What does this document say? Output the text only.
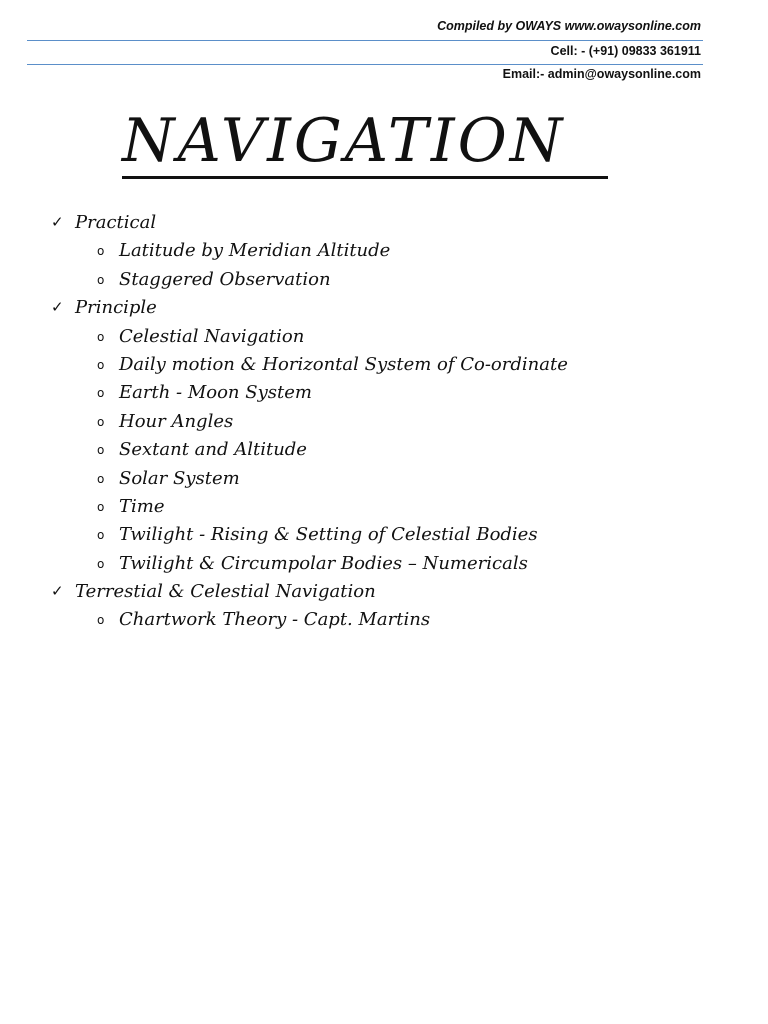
Compiled by OWAYS www.owaysonline.com
Cell: - (+91) 09833 361911
Email:- admin@owaysonline.com
NAVIGATION
✓ Practical
o Latitude by Meridian Altitude
o Staggered Observation
✓ Principle
o Celestial Navigation
o Daily motion & Horizontal System of Co-ordinate
o Earth - Moon System
o Hour Angles
o Sextant and Altitude
o Solar System
o Time
o Twilight - Rising & Setting of Celestial Bodies
o Twilight & Circumpolar Bodies – Numericals
✓ Terrestial & Celestial Navigation
o Chartwork Theory - Capt. Martins
